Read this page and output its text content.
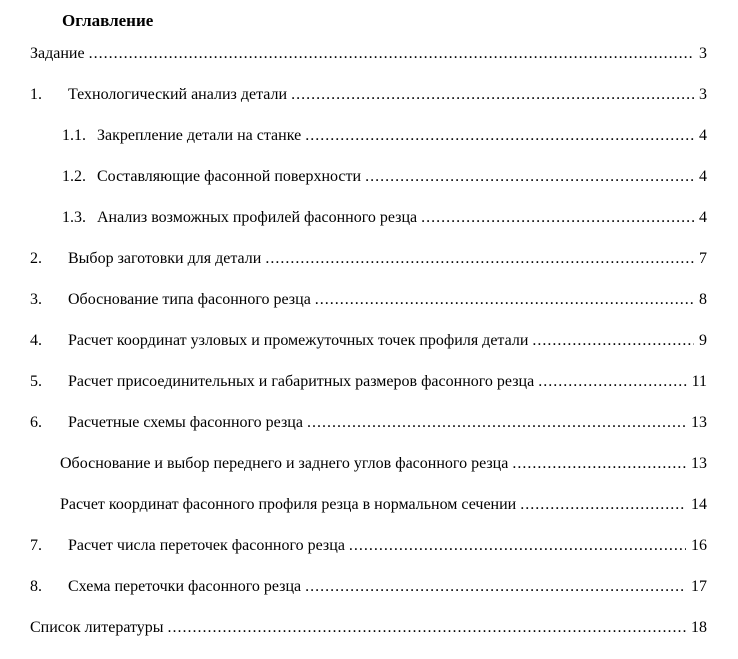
Оглавление
Задание .....	3
1.	Технологический анализ детали .....	3
1.1. Закрепление детали на станке .....	4
1.2. Составляющие фасонной поверхности .....	4
1.3. Анализ возможных профилей фасонного резца .....	4
2.	Выбор заготовки для детали .....	7
3.	Обоснование типа фасонного резца .....	8
4.	Расчет координат узловых и промежуточных точек профиля детали .....	9
5.	Расчет присоединительных и габаритных размеров фасонного резца .....	11
6.	Расчетные схемы фасонного резца .....	13
Обоснование и выбор переднего и заднего углов фасонного резца .....	13
Расчет координат фасонного профиля резца в нормальном сечении .....	14
7.	Расчет числа переточек фасонного резца .....	16
8.	Схема переточки фасонного резца .....	17
Список литературы .....	18
.....
